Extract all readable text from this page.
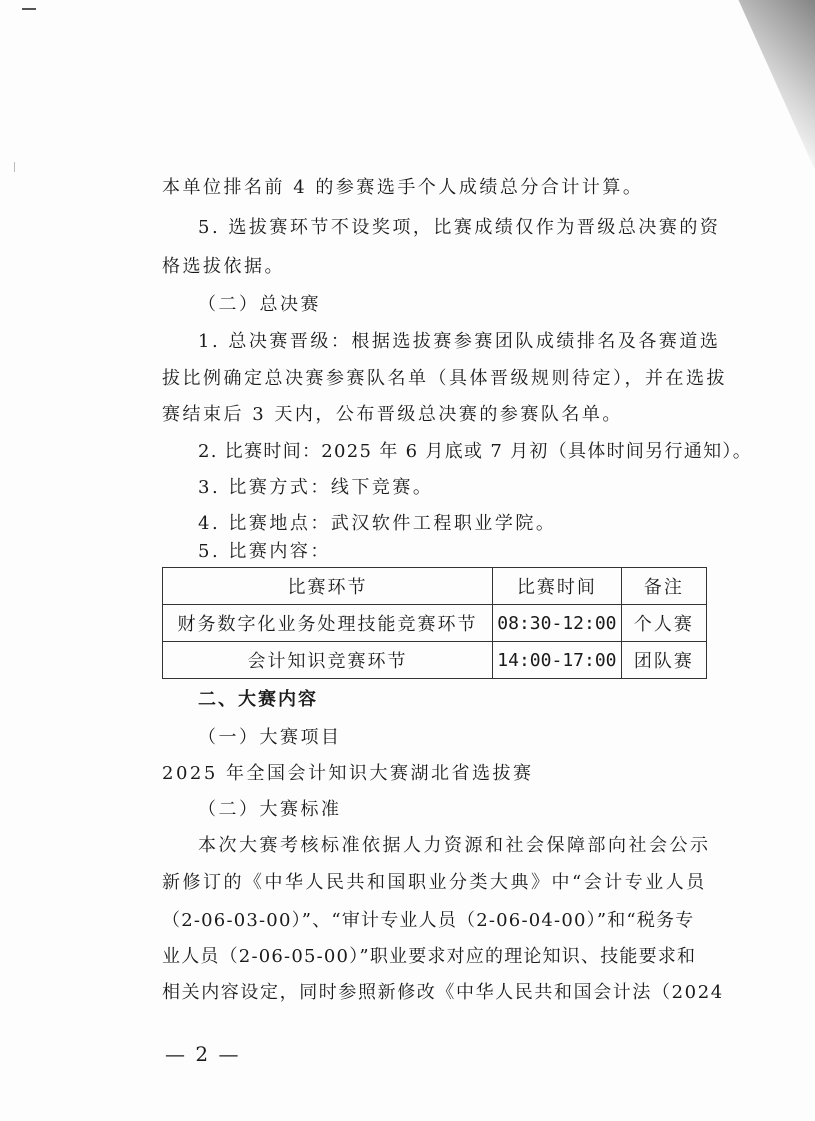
本单位排名前 4 的参赛选手个人成绩总分合计计算。
5. 选拔赛环节不设奖项，比赛成绩仅作为晋级总决赛的资
格选拔依据。
（二）总决赛
1. 总决赛晋级：根据选拔赛参赛团队成绩排名及各赛道选
拔比例确定总决赛参赛队名单（具体晋级规则待定），并在选拔
赛结束后 3 天内，公布晋级总决赛的参赛队名单。
2. 比赛时间：2025 年 6 月底或 7 月初（具体时间另行通知）。
3. 比赛方式：线下竞赛。
4. 比赛地点：武汉软件工程职业学院。
5. 比赛内容：
比赛环节	比赛时间	备注
财务数字化业务处理技能竞赛环节	08:30-12:00	个人赛
会计知识竞赛环节	14:00-17:00	团队赛
二、大赛内容
（一）大赛项目
2025 年全国会计知识大赛湖北省选拔赛
（二）大赛标准
本次大赛考核标准依据人力资源和社会保障部向社会公示
新修订的《中华人民共和国职业分类大典》中“会计专业人员
（2-06-03-00）”、“审计专业人员（2-06-04-00）”和“税务专
业人员（2-06-05-00）”职业要求对应的理论知识、技能要求和
相关内容设定，同时参照新修改《中华人民共和国会计法（2024
— 2 —
